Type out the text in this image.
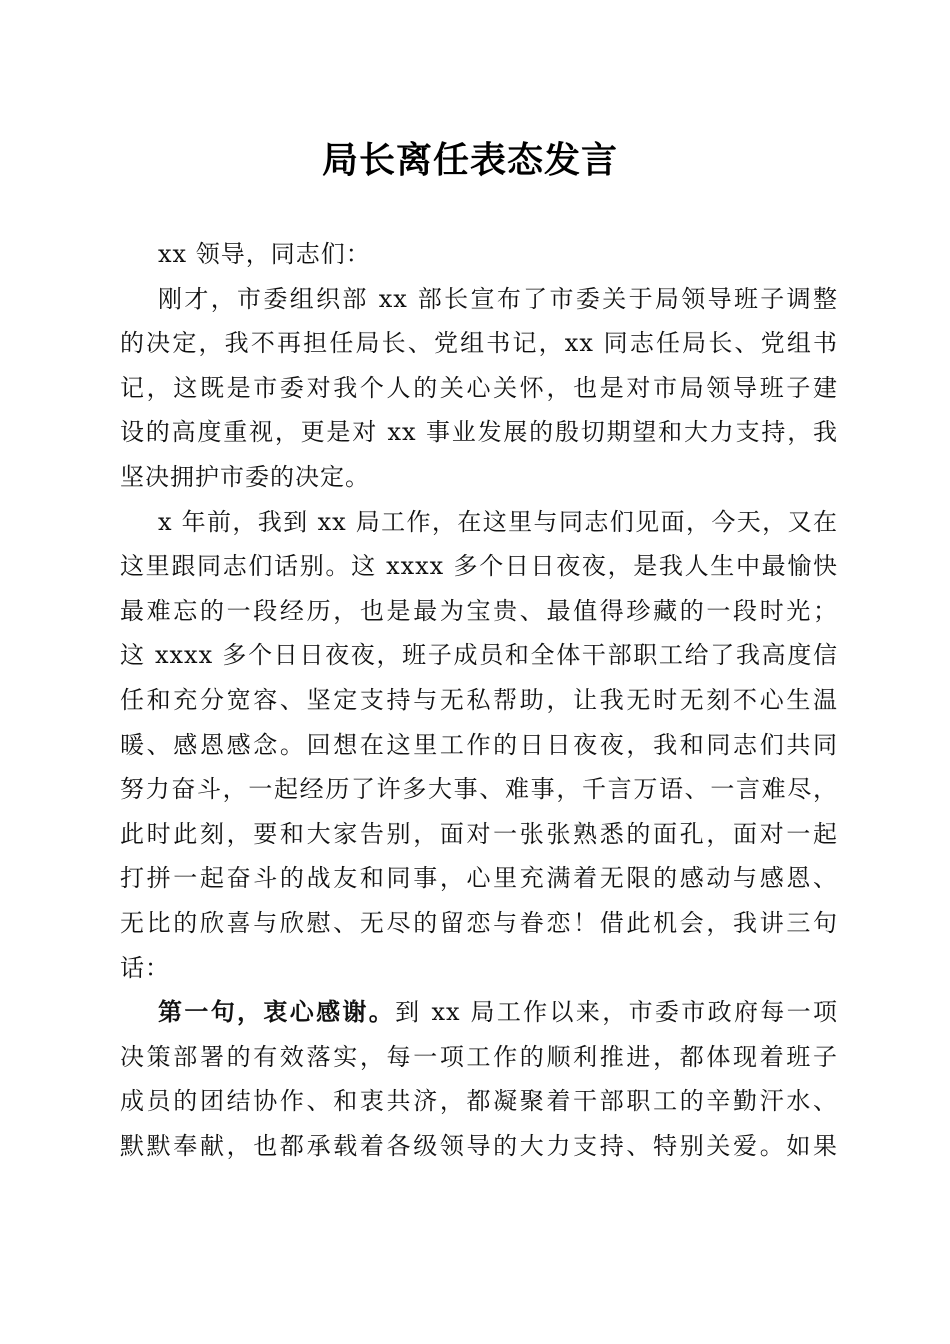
局长离任表态发言
xx 领导，同志们：
刚才，市委组织部 xx 部长宣布了市委关于局领导班子调整
的决定，我不再担任局长、党组书记，xx 同志任局长、党组书
记，这既是市委对我个人的关心关怀，也是对市局领导班子建
设的高度重视，更是对 xx 事业发展的殷切期望和大力支持，我
坚决拥护市委的决定。
x 年前，我到 xx 局工作，在这里与同志们见面，今天，又在
这里跟同志们话别。这 xxxx 多个日日夜夜，是我人生中最愉快
最难忘的一段经历，也是最为宝贵、最值得珍藏的一段时光；
这 xxxx 多个日日夜夜，班子成员和全体干部职工给了我高度信
任和充分宽容、坚定支持与无私帮助，让我无时无刻不心生温
暖、感恩感念。回想在这里工作的日日夜夜，我和同志们共同
努力奋斗，一起经历了许多大事、难事，千言万语、一言难尽，
此时此刻，要和大家告别，面对一张张熟悉的面孔，面对一起
打拼一起奋斗的战友和同事，心里充满着无限的感动与感恩、
无比的欣喜与欣慰、无尽的留恋与眷恋！借此机会，我讲三句
话：
第一句，衷心感谢。到 xx 局工作以来，市委市政府每一项
决策部署的有效落实，每一项工作的顺利推进，都体现着班子
成员的团结协作、和衷共济，都凝聚着干部职工的辛勤汗水、
默默奉献，也都承载着各级领导的大力支持、特别关爱。如果
